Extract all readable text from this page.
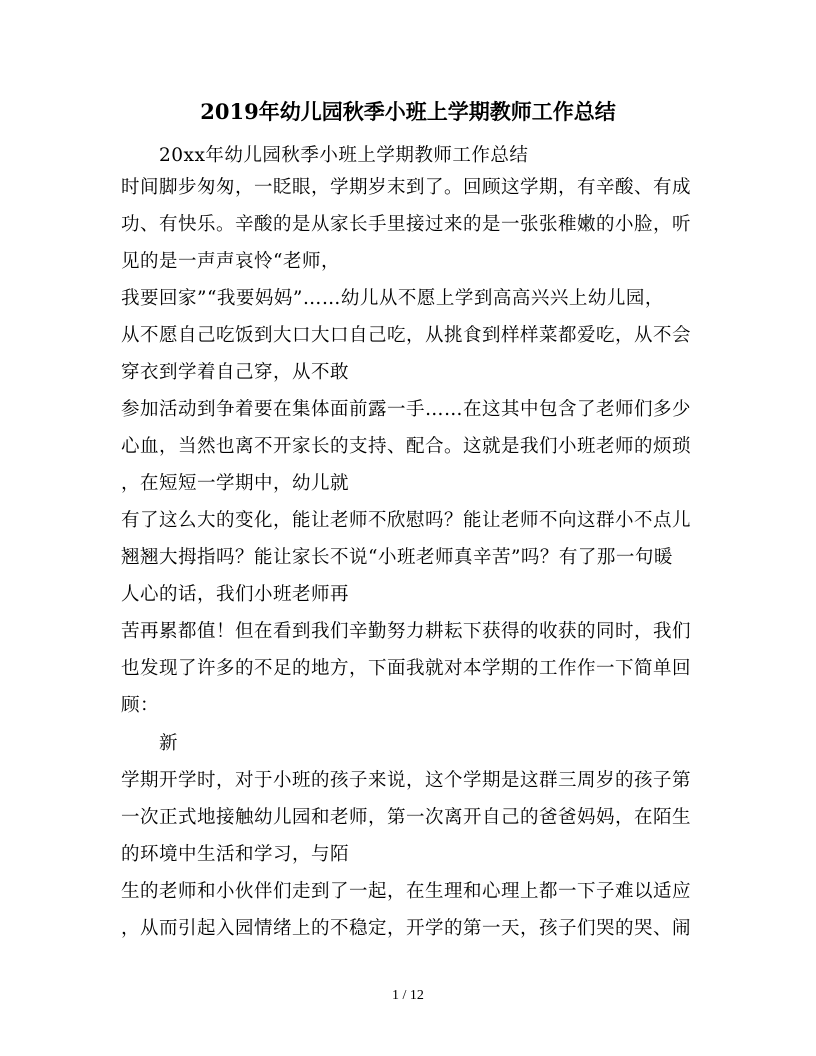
2019年幼儿园秋季小班上学期教师工作总结
20xx年幼儿园秋季小班上学期教师工作总结
时间脚步匆匆，一眨眼，学期岁末到了。回顾这学期，有辛酸、有成
功、有快乐。辛酸的是从家长手里接过来的是一张张稚嫩的小脸，听
见的是一声声哀怜“老师，
我要回家”“我要妈妈”……幼儿从不愿上学到高高兴兴上幼儿园，
从不愿自己吃饭到大口大口自己吃，从挑食到样样菜都爱吃，从不会
穿衣到学着自己穿，从不敢
参加活动到争着要在集体面前露一手……在这其中包含了老师们多少
心血，当然也离不开家长的支持、配合。这就是我们小班老师的烦琐
，在短短一学期中，幼儿就
有了这么大的变化，能让老师不欣慰吗？能让老师不向这群小不点儿
翘翘大拇指吗？能让家长不说“小班老师真辛苦”吗？有了那一句暖
人心的话，我们小班老师再
苦再累都值！但在看到我们辛勤努力耕耘下获得的收获的同时，我们
也发现了许多的不足的地方，下面我就对本学期的工作作一下简单回
顾：
新
学期开学时，对于小班的孩子来说，这个学期是这群三周岁的孩子第
一次正式地接触幼儿园和老师，第一次离开自己的爸爸妈妈，在陌生
的环境中生活和学习，与陌
生的老师和小伙伴们走到了一起，在生理和心理上都一下子难以适应
，从而引起入园情绪上的不稳定，开学的第一天，孩子们哭的哭、闹
1 / 12
